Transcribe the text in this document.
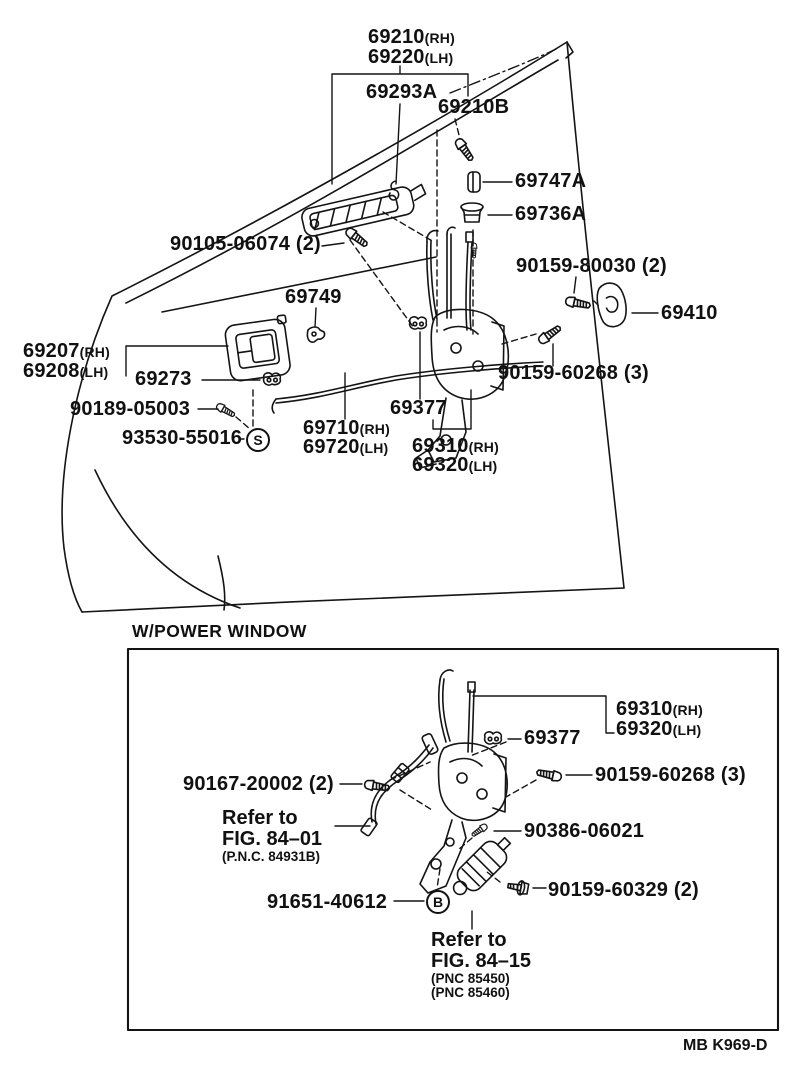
69210(RH)
69220(LH)
69293A
69210B
90105-06074 (2)
69747A
69736A
90159-80030 (2)
69410
69749
69207(RH)
69208(LH) 69273	90159-60268 (3)
90189-05003
93530-55016 S
69710(RH)
69720(LH)
69377
69310(RH)
69320(LH)
W/POWER WINDOW
69310(RH)
69320(LH)
69377
90159-60268 (3)
90167-20002 (2)
Refer to
FIG. 84–01
(P.N.C. 84931B)
90386-06021
90159-60329 (2)
91651-40612	B
Refer to
FIG. 84–15
(PNC 85450)
(PNC 85460)
MB K969-D
